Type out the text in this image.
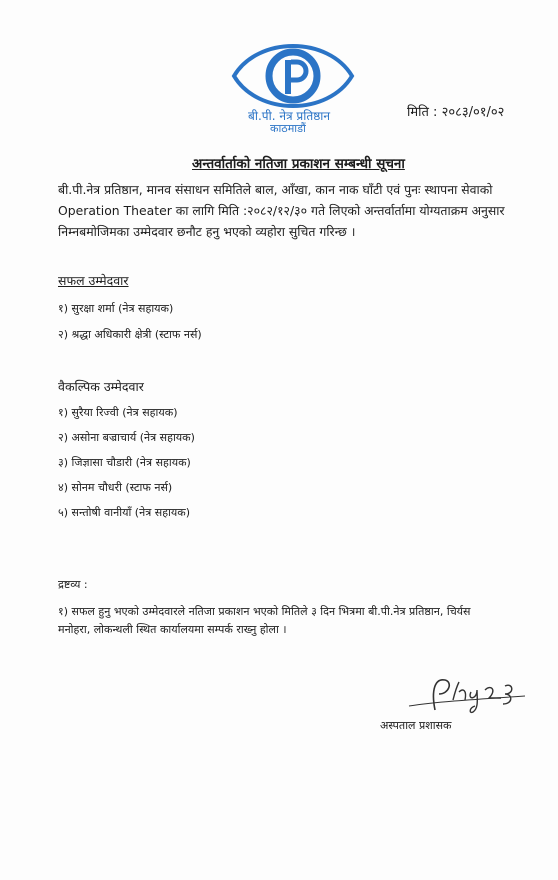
बी.पी. नेत्र प्रतिष्ठान
काठमाडौं
मिति : २०८३/०१/०२
अन्तर्वार्ताको नतिजा प्रकाशन सम्बन्धी सूचना
बी.पी.नेत्र प्रतिष्ठान, मानव संसाधन समितिले बाल, आँखा, कान नाक घाँटी एवं पुनः स्थापना सेवाको
Operation Theater का लागि मिति :२०८२/१२/३० गते लिएको अन्तर्वार्तामा योग्यताक्रम अनुसार
निम्नबमोजिमका उम्मेदवार छनौट हनु भएको व्यहोरा सुचित गरिन्छ ।
सफल उम्मेदवार
१) सुरक्षा शर्मा (नेत्र सहायक)
२) श्रद्धा अधिकारी क्षेत्री (स्टाफ नर्स)
वैकल्पिक उम्मेदवार
१) सुरैया रिज्वी (नेत्र सहायक)
२) असोना बज्राचार्य (नेत्र सहायक)
३) जिज्ञासा चौडारी (नेत्र सहायक)
४) सोनम चौधरी (स्टाफ नर्स)
५) सन्तोषी वानीयाँ (नेत्र सहायक)
द्रष्टव्य :
१) सफल हुनु भएको उम्मेदवारले नतिजा प्रकाशन भएको मितिले ३ दिन भित्रमा बी.पी.नेत्र प्रतिष्ठान, चिर्यस
मनोहरा, लोकन्थली स्थित कार्यालयमा सम्पर्क राख्नु होला ।
अस्पताल प्रशासक
